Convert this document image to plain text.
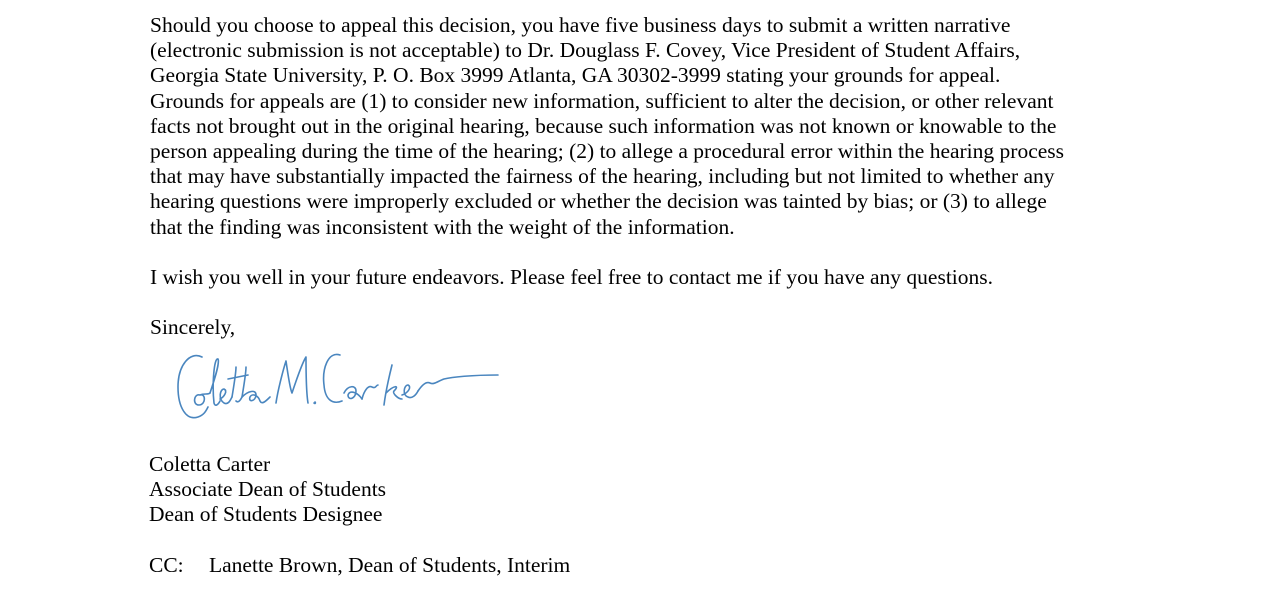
Should you choose to appeal this decision, you have five business days to submit a written narrative
(electronic submission is not acceptable) to Dr. Douglass F. Covey, Vice President of Student Affairs,
Georgia State University, P. O. Box 3999 Atlanta, GA 30302-3999 stating your grounds for appeal.
Grounds for appeals are (1) to consider new information, sufficient to alter the decision, or other relevant
facts not brought out in the original hearing, because such information was not known or knowable to the
person appealing during the time of the hearing; (2) to allege a procedural error within the hearing process
that may have substantially impacted the fairness of the hearing, including but not limited to whether any
hearing questions were improperly excluded or whether the decision was tainted by bias; or (3) to allege
that the finding was inconsistent with the weight of the information.

I wish you well in your future endeavors. Please feel free to contact me if you have any questions.

Sincerely,

Coletta Carter
Associate Dean of Students
Dean of Students Designee
CC: Lanette Brown, Dean of Students, Interim
